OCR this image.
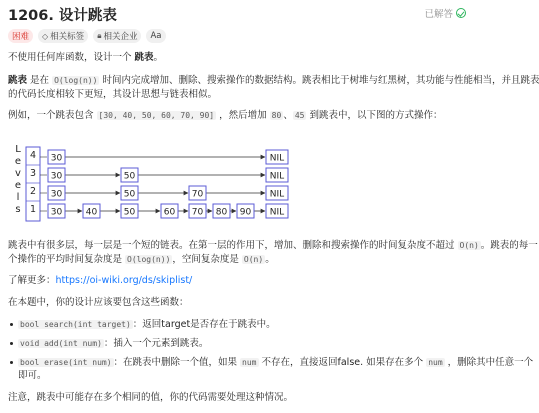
1206. 设计跳表	已解答
困难	◇ 相关标签 🔒︎ 相关企业 Aa
不使用任何库函数，设计一个 跳表。
跳表 是在 O(log(n)) 时间内完成增加、删除、搜索操作的数据结构。跳表相比于树堆与红黑树，其功能与性能相当，并且跳表
的代码长度相较下更短，其设计思想与链表相似。
例如，一个跳表包含 [30, 40, 50, 60, 70, 90] ，然后增加 80 、 45 到跳表中，以下图的方式操作：
L
e
v
e
l
s
4
3
2
1
30	NIL
30	50	NIL
30	50	70	NIL
30	40	50	60 70 80 90 NIL
跳表中有很多层，每一层是一个短的链表。在第一层的作用下，增加、删除和搜索操作的时间复杂度不超过 O(n) 。跳表的每一
个操作的平均时间复杂度是 O(log(n)) ，空间复杂度是 O(n) 。
了解更多：https://oi-wiki.org/ds/skiplist/
在本题中，你的设计应该要包含这些函数：
bool search(int target) ：返回target是否存在于跳表中。
void add(int num) ：插入一个元素到跳表。
bool erase(int num) ：在跳表中删除一个值，如果 num 不存在，直接返回false. 如果存在多个 num ，删除其中任意一个
即可。
注意，跳表中可能存在多个相同的值，你的代码需要处理这种情况。
